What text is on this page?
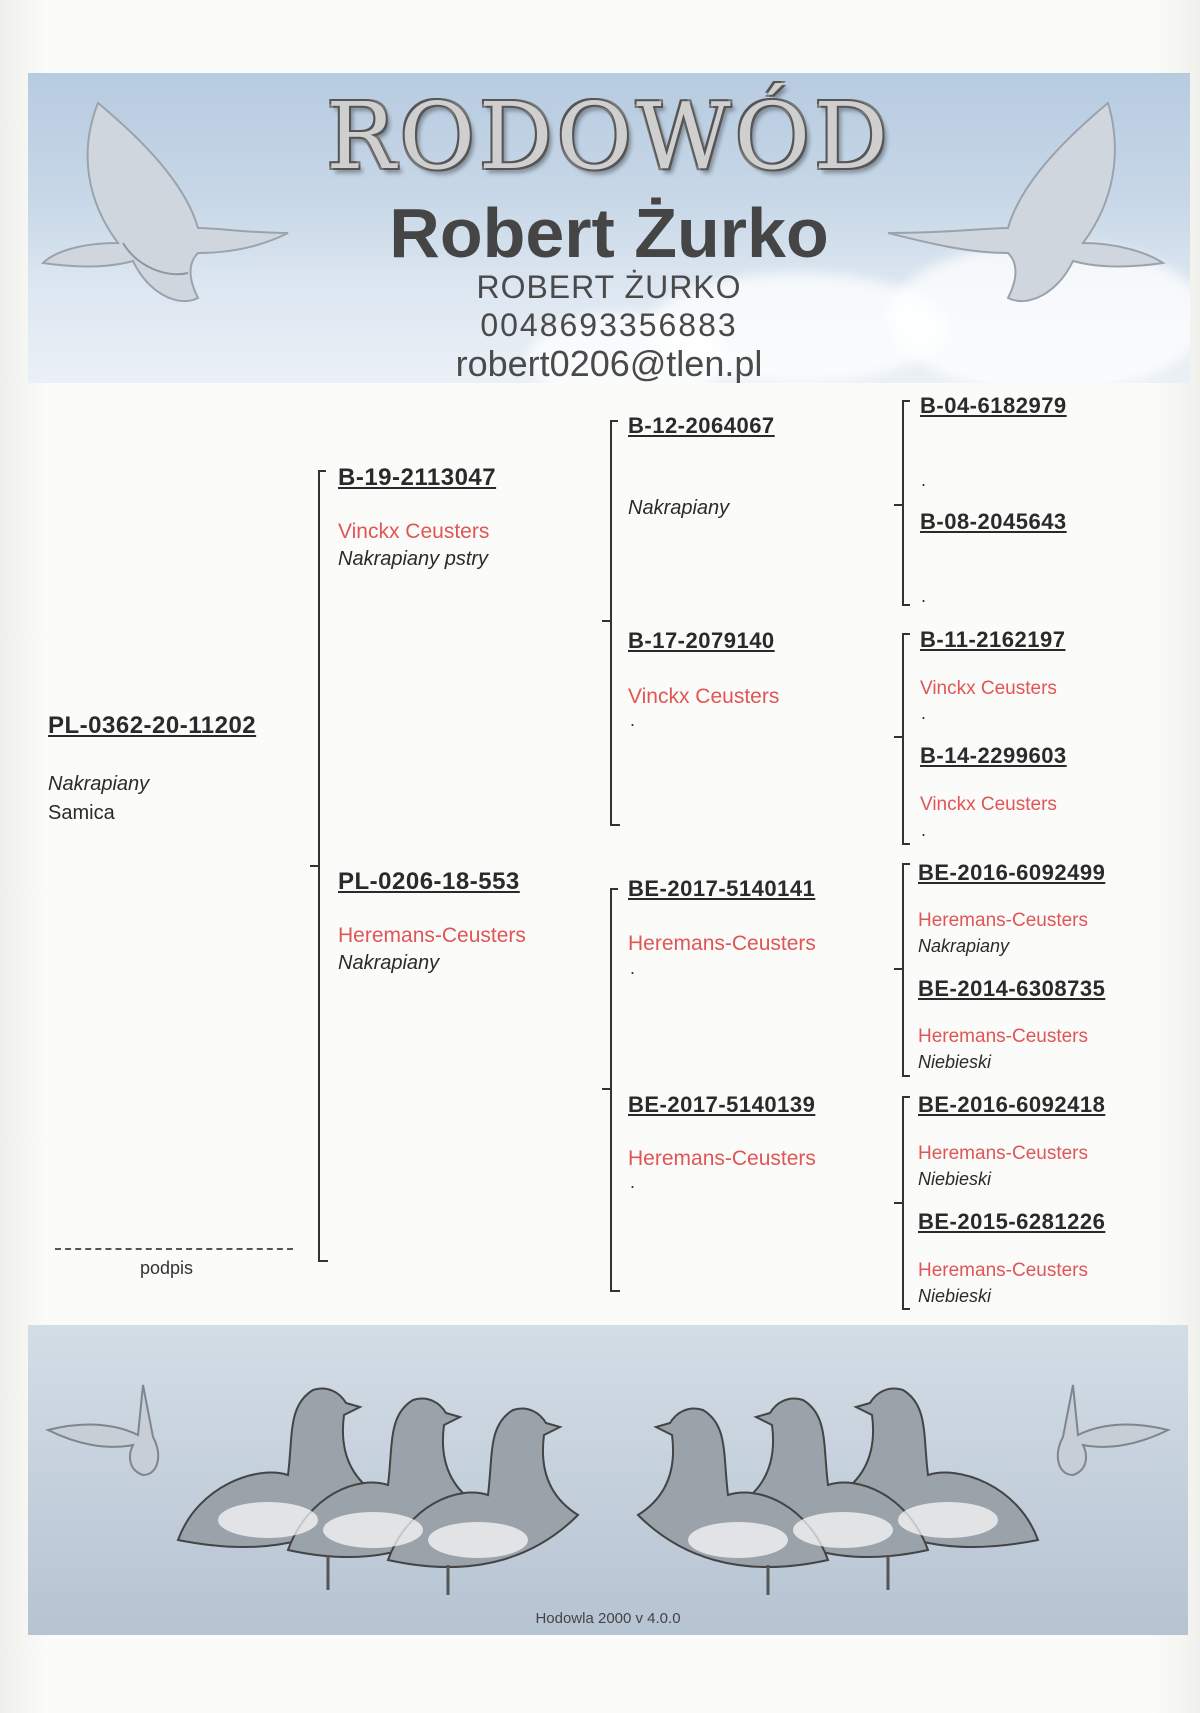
RODOWÓD
Robert Żurko
ROBERT ŻURKO
0048693356883
robert0206@tlen.pl
PL-0362-20-11202
Nakrapiany
Samica
podpis
B-19-2113047
Vinckx Ceusters
Nakrapiany pstry
PL-0206-18-553
Heremans-Ceusters
Nakrapiany
B-12-2064067
Nakrapiany
B-17-2079140
Vinckx Ceusters
.
BE-2017-5140141
Heremans-Ceusters
.
BE-2017-5140139
Heremans-Ceusters
.
B-04-6182979
.
B-08-2045643
.
B-11-2162197
Vinckx Ceusters
.
B-14-2299603
Vinckx Ceusters
.
BE-2016-6092499
Heremans-Ceusters
Nakrapiany
BE-2014-6308735
Heremans-Ceusters
Niebieski
BE-2016-6092418
Heremans-Ceusters
Niebieski
BE-2015-6281226
Heremans-Ceusters
Niebieski
Hodowla 2000 v 4.0.0
